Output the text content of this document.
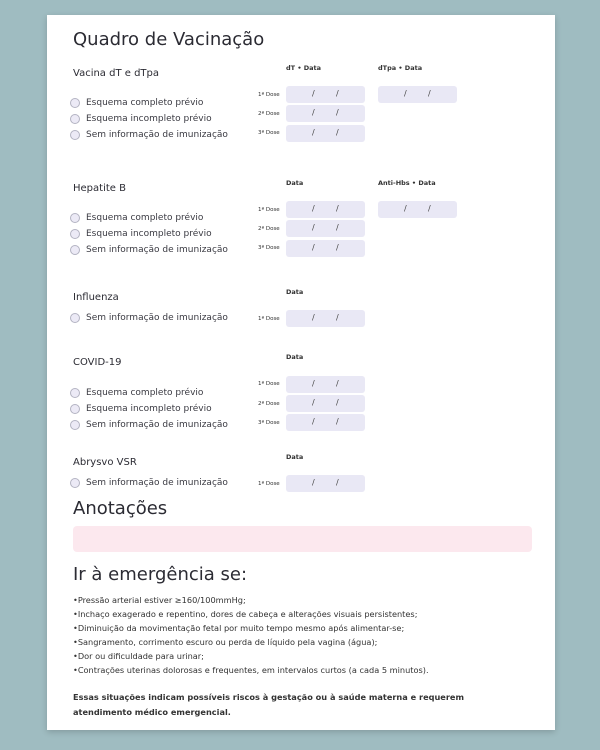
Quadro de Vacinação
Vacina dT e dTpa	dT • Data	dTpa • Data
Esquema completo prévio
Esquema incompleto prévio
Sem informação de imunização
1ª Dose	/	/	/	/
2ª Dose	/	/
3ª Dose	/	/
Hepatite B	Data	Anti-Hbs • Data
Esquema completo prévio
Esquema incompleto prévio
Sem informação de imunização
1ª Dose	/	/	/	/
2ª Dose	/	/
3ª Dose	/	/
Influenza	Data
Sem informação de imunização	1ª Dose	/	/
COVID-19	Data
Esquema completo prévio
Esquema incompleto prévio
Sem informação de imunização
1ª Dose	/	/
2ª Dose	/	/
3ª Dose	/	/
Abrysvo VSR	Data
Sem informação de imunização	1ª Dose	/	/
Anotações
Ir à emergência se:
•Pressão arterial estiver ≥160/100mmHg;
•Inchaço exagerado e repentino, dores de cabeça e alterações visuais persistentes;
•Diminuição da movimentação fetal por muito tempo mesmo após alimentar-se;
•Sangramento, corrimento escuro ou perda de líquido pela vagina (água);
•Dor ou dificuldade para urinar;
•Contrações uterinas dolorosas e frequentes, em intervalos curtos (a cada 5 minutos).
Essas situações indicam possíveis riscos à gestação ou à saúde materna e requerem atendimento médico emergencial.
